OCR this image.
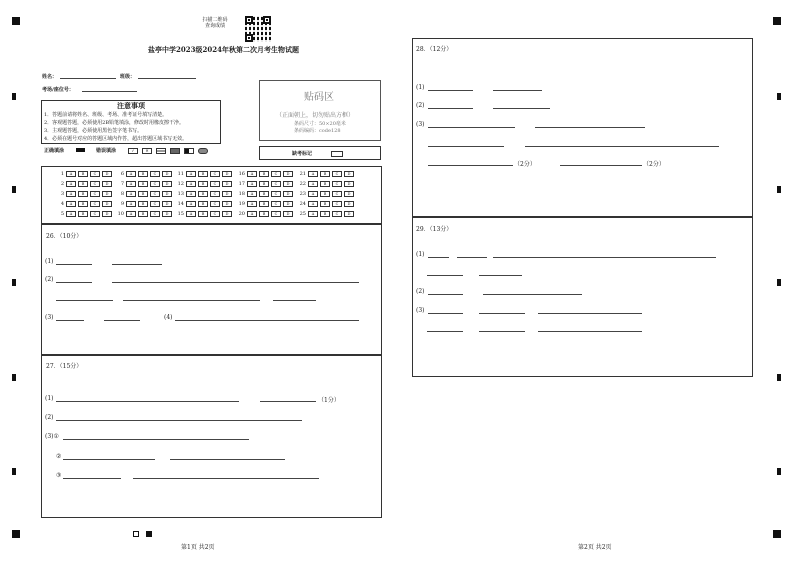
扫描二维码
查询成绩
盐亭中学2023级2024年秋第二次月考生物试题
姓名：	班级：
考场/座位号：
注意事项
1．答题前请将姓名、班级、考场、准考证号填写清楚。
2．客观题答题，必须使用2B铅笔填涂，修改时用橡皮擦干净。
3．主观题答题，必须使用黑色签字笔书写。
4．必须在题号对应的答题区域内作答，超出答题区域书写无效。
正确填涂	错误填涂	✓	✕
贴码区
（正面朝上，切勿贴出方框）
条码尺寸：50×20毫米
条码编码：code128
缺考标记
1	A	B	C	D
2	A	B	C	D
3	A	B	C	D
4	A	B	C	D
5	A	B	C	D
6	A	B	C	D
7	A	B	C	D
8	A	B	C	D
9	A	B	C	D
10	A	B	C	D
11	A	B	C	D
12	A	B	C	D
13	A	B	C	D
14	A	B	C	D
15	A	B	C	D
16	A	B	C	D
17	A	B	C	D
18	A	B	C	D
19	A	B	C	D
20	A	B	C	D
21	A	B	C	D
22	A	B	C	D
23	A	B	C	D
24	A	B	C	D
25	A	B	C	D
26．（10分）
(1)
(2)
(3)	(4)
27．（15分）
(1)	（1分）
(2)
(3)①
②
③
28．（12分）
(1)
(2)
(3)
（2分）	（2分）
29．（13分）
(1)
(2)
(3)
第1页 共2页	第2页 共2页
